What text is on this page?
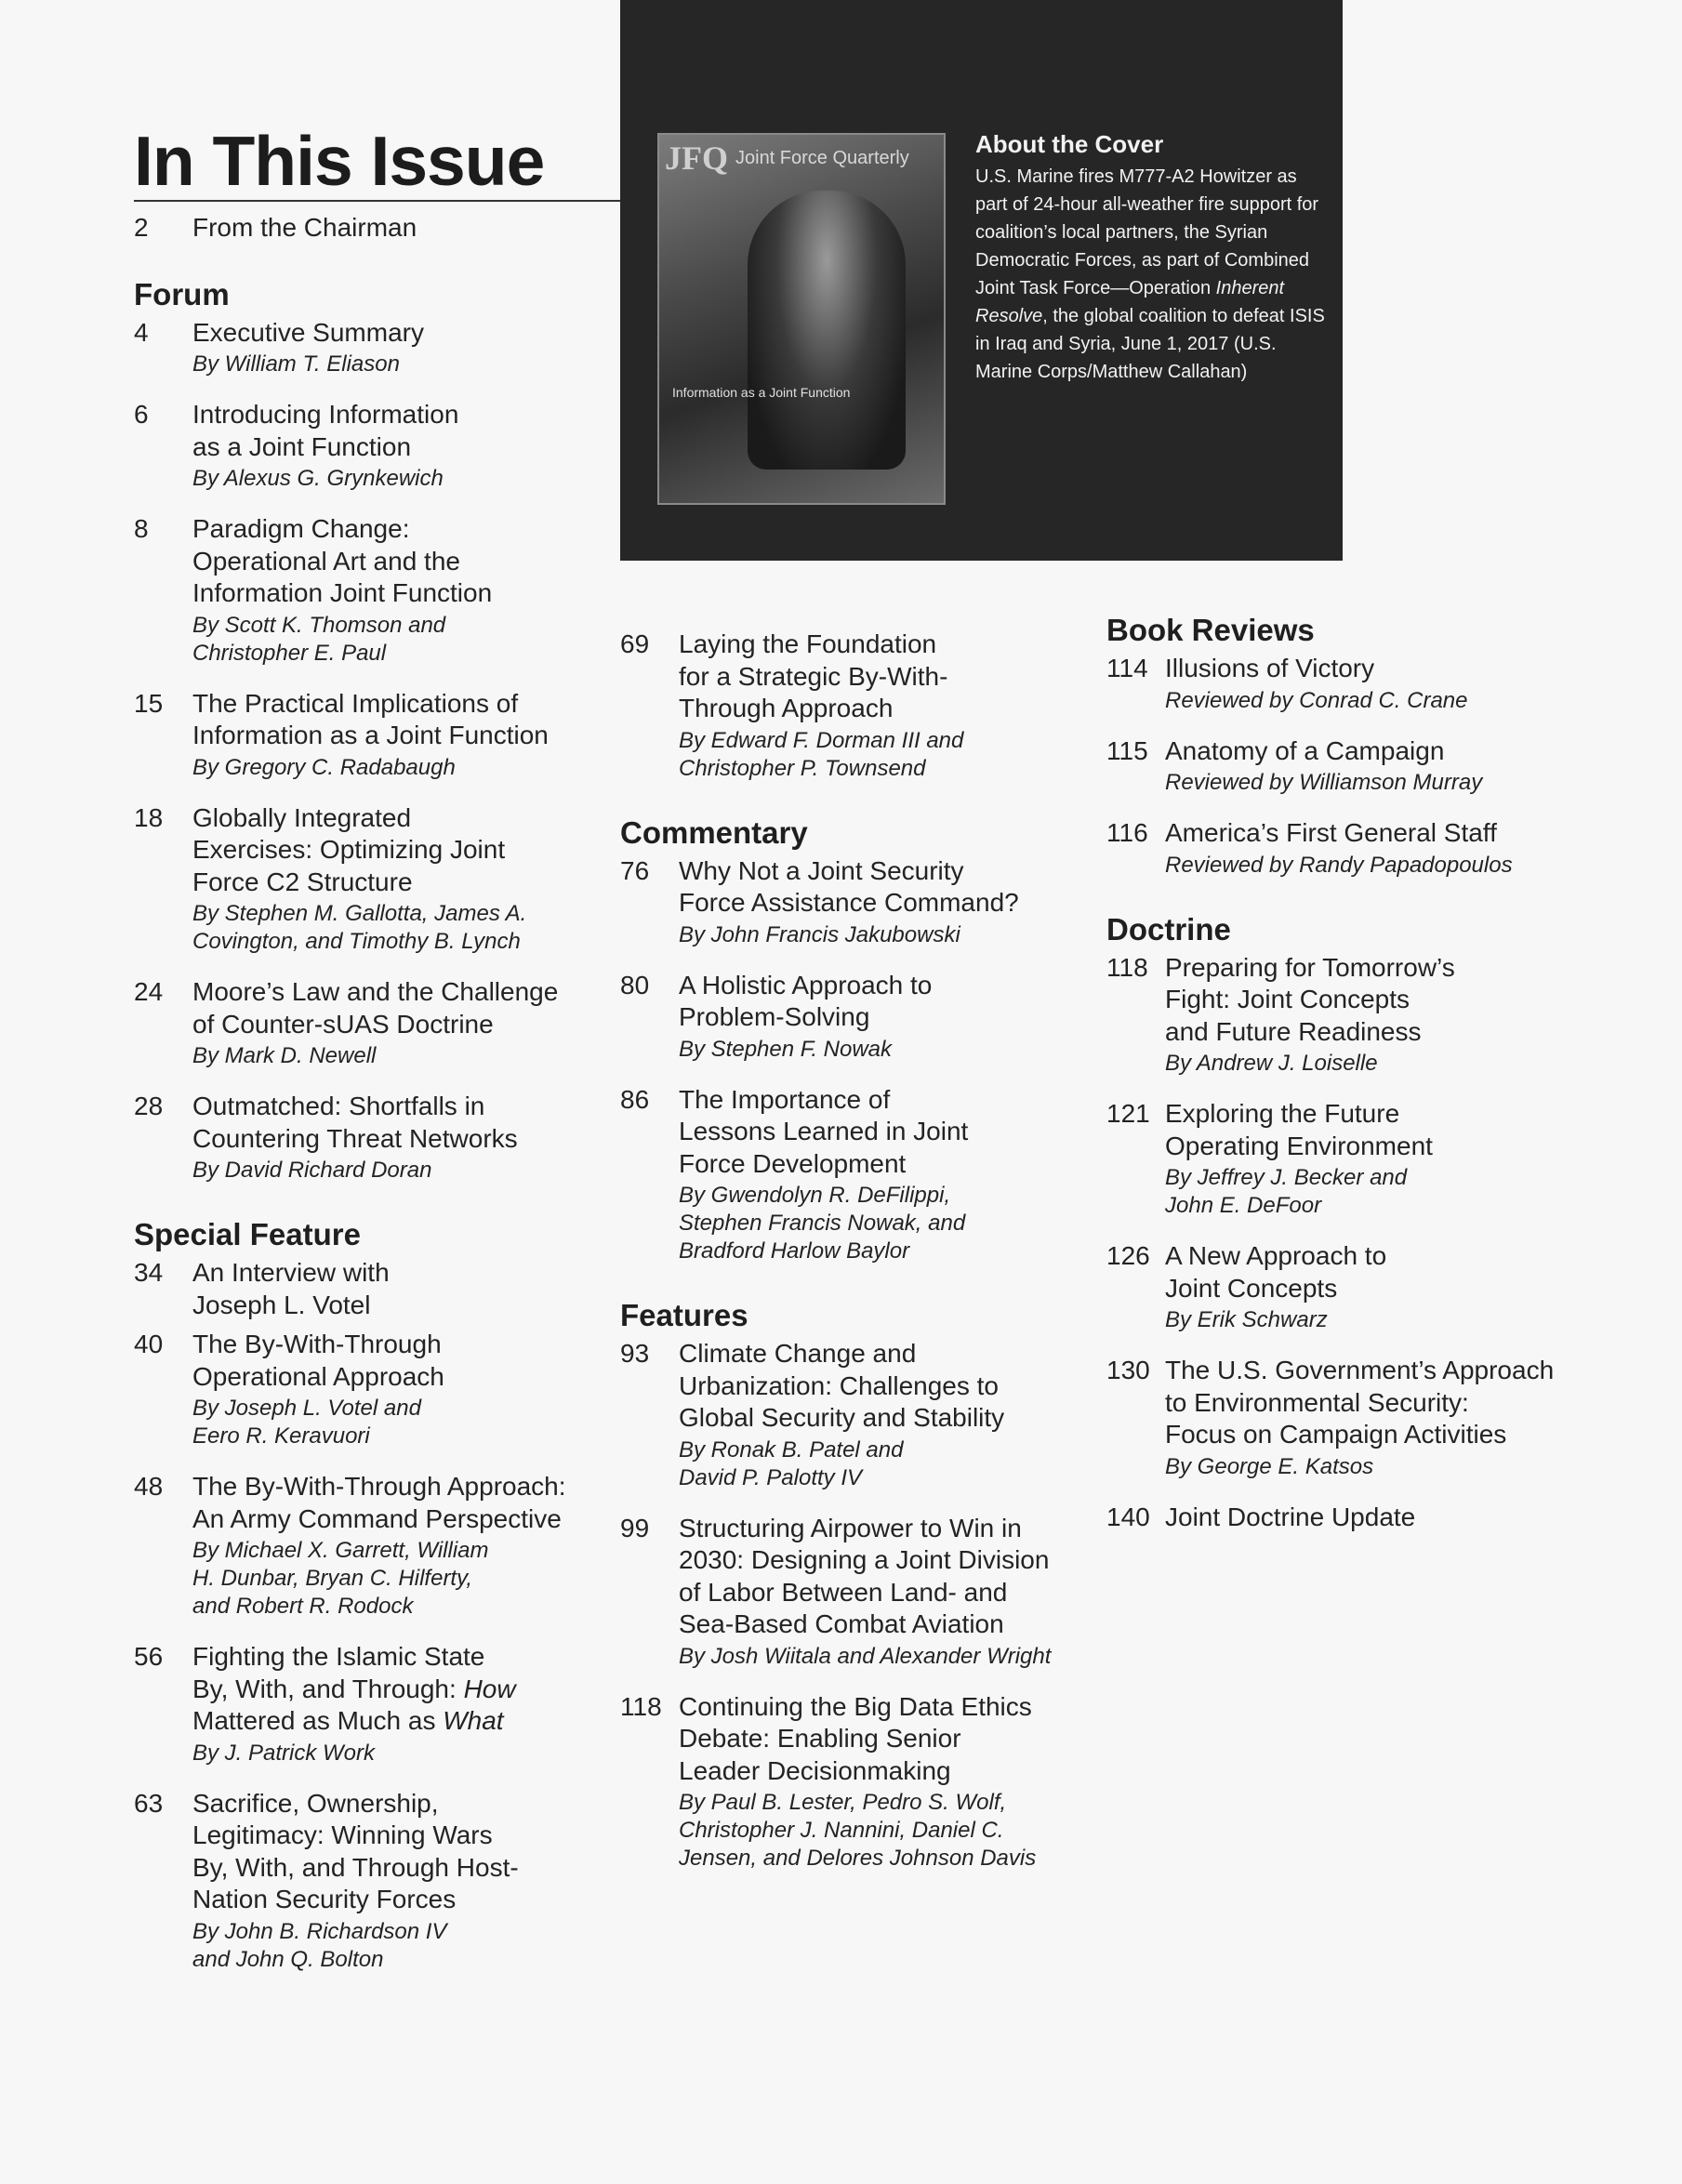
In This Issue	JFQ Joint Force Quarterly
Information as a Joint Function
About the Cover
U.S. Marine fires M777-A2 Howitzer as part of 24-hour all-weather fire support for coalition’s local partners, the Syrian Democratic Forces, as part of Combined Joint Task Force—Operation Inherent Resolve, the global coalition to defeat ISIS in Iraq and Syria, June 1, 2017 (U.S. Marine Corps/Matthew Callahan)
2	From the Chairman
Forum
4	Executive Summary
By William T. Eliason
6	Introducing Information
as a Joint Function
By Alexus G. Grynkewich
8	Paradigm Change:
Operational Art and the
Information Joint Function
By Scott K. Thomson and
Christopher E. Paul
15	The Practical Implications of
Information as a Joint Function
By Gregory C. Radabaugh
18	Globally Integrated
Exercises: Optimizing Joint
Force C2 Structure
By Stephen M. Gallotta, James A.
Covington, and Timothy B. Lynch
24	Moore’s Law and the Challenge
of Counter-sUAS Doctrine
By Mark D. Newell
28	Outmatched: Shortfalls in
Countering Threat Networks
By David Richard Doran
Special Feature
34	An Interview with
Joseph L. Votel
40	The By-With-Through
Operational Approach
By Joseph L. Votel and
Eero R. Keravuori
48	The By-With-Through Approach:
An Army Command Perspective
By Michael X. Garrett, William
H. Dunbar, Bryan C. Hilferty,
and Robert R. Rodock
56	Fighting the Islamic State
By, With, and Through: How
Mattered as Much as What
By J. Patrick Work
63	Sacrifice, Ownership,
Legitimacy: Winning Wars
By, With, and Through Host-
Nation Security Forces
By John B. Richardson IV
and John Q. Bolton
69	Laying the Foundation
for a Strategic By-With-
Through Approach
By Edward F. Dorman III and
Christopher P. Townsend
Commentary
76	Why Not a Joint Security
Force Assistance Command?
By John Francis Jakubowski
80	A Holistic Approach to
Problem-Solving
By Stephen F. Nowak
86	The Importance of
Lessons Learned in Joint
Force Development
By Gwendolyn R. DeFilippi,
Stephen Francis Nowak, and
Bradford Harlow Baylor
Features
93	Climate Change and
Urbanization: Challenges to
Global Security and Stability
By Ronak B. Patel and
David P. Palotty IV
99	Structuring Airpower to Win in
2030: Designing a Joint Division
of Labor Between Land- and
Sea-Based Combat Aviation
By Josh Wiitala and Alexander Wright
118 Continuing the Big Data Ethics
Debate: Enabling Senior
Leader Decisionmaking
By Paul B. Lester, Pedro S. Wolf,
Christopher J. Nannini, Daniel C.
Jensen, and Delores Johnson Davis
Book Reviews
114 Illusions of Victory
Reviewed by Conrad C. Crane
115 Anatomy of a Campaign
Reviewed by Williamson Murray
116 America’s First General Staff
Reviewed by Randy Papadopoulos
Doctrine
118 Preparing for Tomorrow’s
Fight: Joint Concepts
and Future Readiness
By Andrew J. Loiselle
121 Exploring the Future
Operating Environment
By Jeffrey J. Becker and
John E. DeFoor
126 A New Approach to
Joint Concepts
By Erik Schwarz
130 The U.S. Government’s Approach
to Environmental Security:
Focus on Campaign Activities
By George E. Katsos
140 Joint Doctrine Update
